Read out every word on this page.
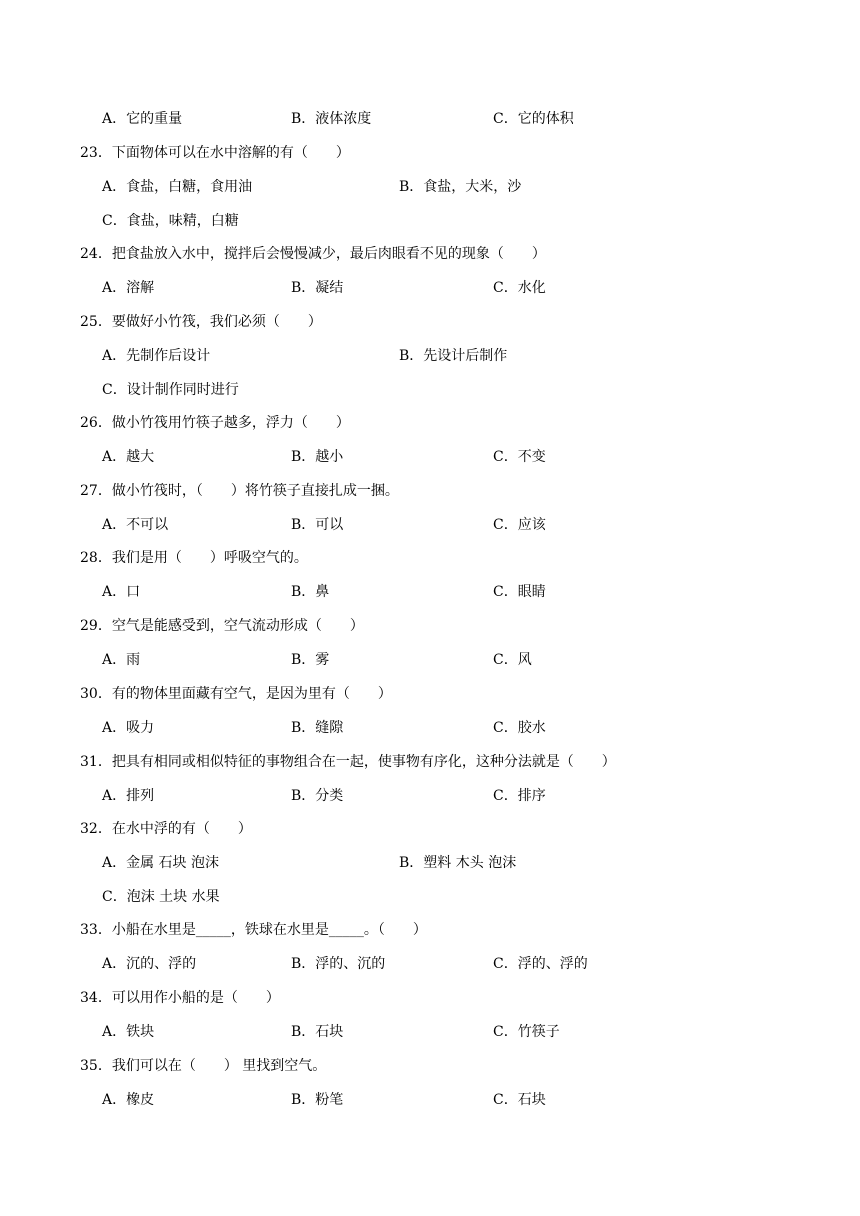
A．它的重量	B．液体浓度	C．它的体积
23．下面物体可以在水中溶解的有（　　）
A．食盐，白糖，食用油	B．食盐，大米，沙
C．食盐，味精，白糖
24．把食盐放入水中，搅拌后会慢慢减少，最后肉眼看不见的现象（　　）
A．溶解	B．凝结	C．水化
25．要做好小竹筏，我们必须（　　）
A．先制作后设计	B．先设计后制作
C．设计制作同时进行
26．做小竹筏用竹筷子越多，浮力（　　）
A．越大	B．越小	C．不变
27．做小竹筏时，（　　）将竹筷子直接扎成一捆。
A．不可以	B．可以	C．应该
28．我们是用（　　）呼吸空气的。
A．口	B．鼻	C．眼睛
29．空气是能感受到，空气流动形成（　　）
A．雨	B．雾	C．风
30．有的物体里面藏有空气，是因为里有（　　）
A．吸力	B．缝隙	C．胶水
31．把具有相同或相似特征的事物组合在一起，使事物有序化，这种分法就是（　　）
A．排列	B．分类	C．排序
32．在水中浮的有（　　）
A．金属 石块 泡沫	B．塑料 木头 泡沫
C．泡沫 土块 水果
33．小船在水里是_____，铁球在水里是_____。（　　）
A．沉的、浮的	B．浮的、沉的	C．浮的、浮的
34．可以用作小船的是（　　）
A．铁块	B．石块	C．竹筷子
35．我们可以在（　　） 里找到空气。
A．橡皮	B．粉笔	C．石块
